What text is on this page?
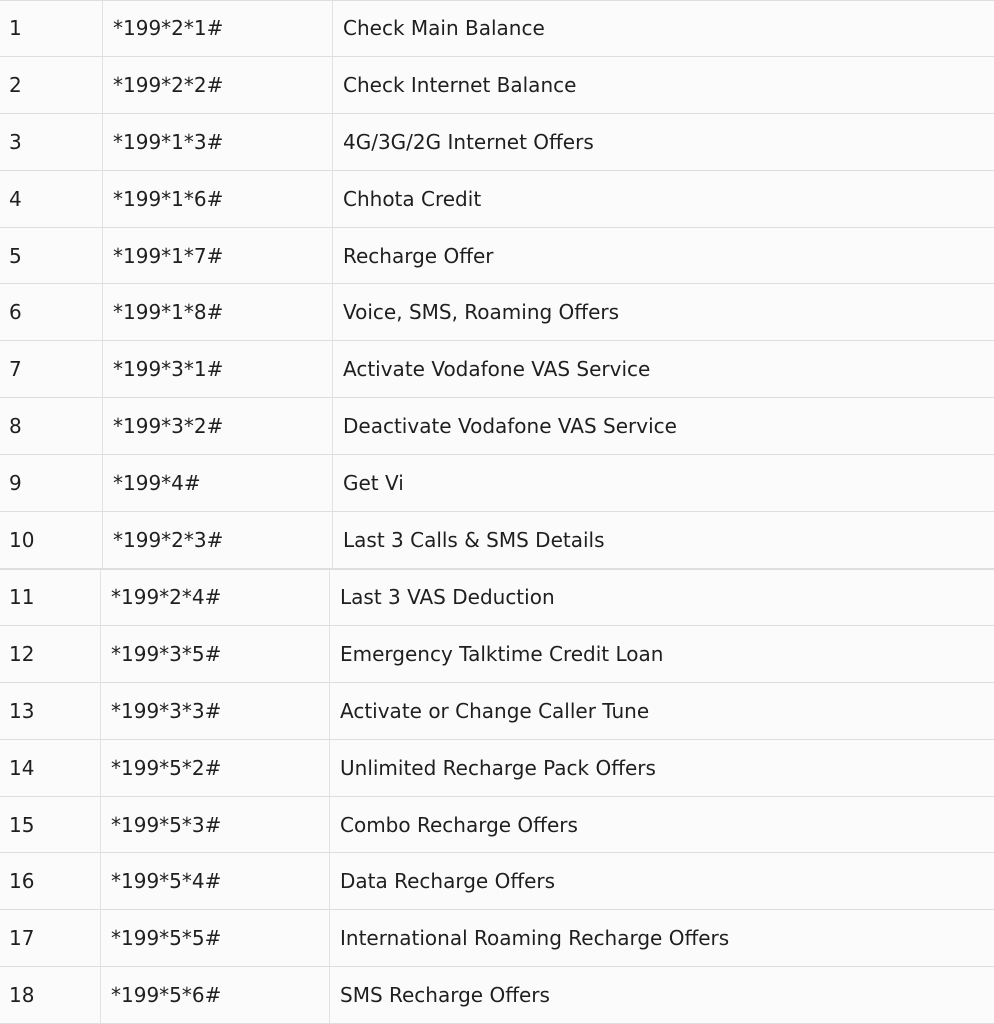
1	*199*2*1#	Check Main Balance
2	*199*2*2#	Check Internet Balance
3	*199*1*3#	4G/3G/2G Internet Offers
4	*199*1*6#	Chhota Credit
5	*199*1*7#	Recharge Offer
6	*199*1*8#	Voice, SMS, Roaming Offers
7	*199*3*1#	Activate Vodafone VAS Service
8	*199*3*2#	Deactivate Vodafone VAS Service
9	*199*4#	Get Vi
10	*199*2*3#	Last 3 Calls & SMS Details
11	*199*2*4#	Last 3 VAS Deduction
12	*199*3*5#	Emergency Talktime Credit Loan
13	*199*3*3#	Activate or Change Caller Tune
14	*199*5*2#	Unlimited Recharge Pack Offers
15	*199*5*3#	Combo Recharge Offers
16	*199*5*4#	Data Recharge Offers
17	*199*5*5#	International Roaming Recharge Offers
18	*199*5*6#	SMS Recharge Offers
